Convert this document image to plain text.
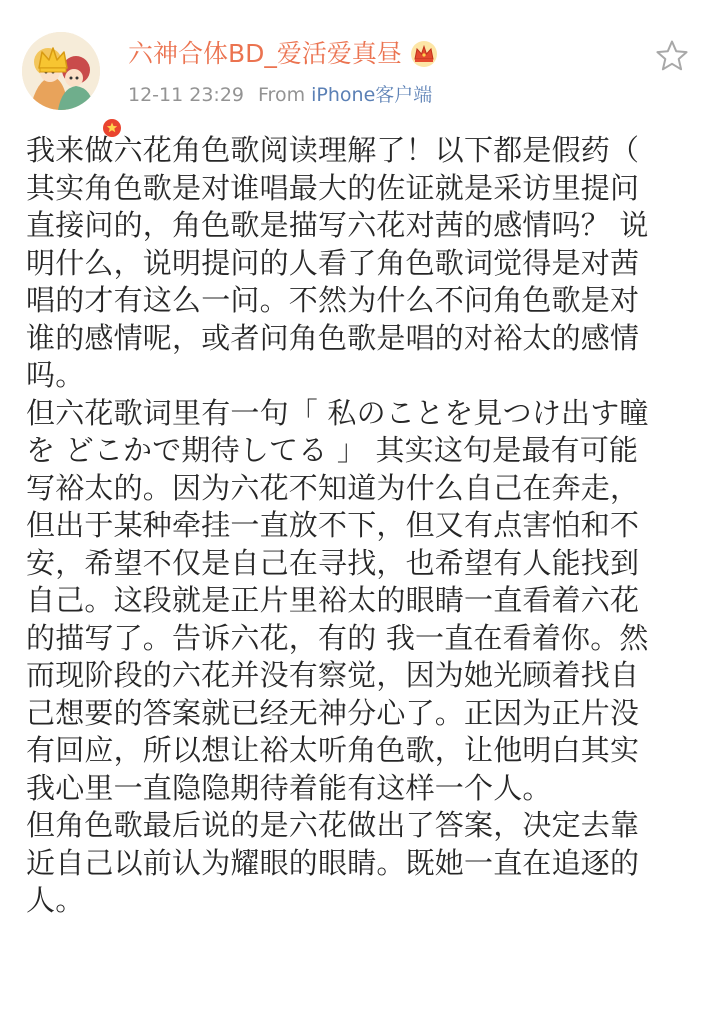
六神合体BD_爱活爱真昼
12-11 23:29 From iPhone客户端

我来做六花角色歌阅读理解了！以下都是假药（
其实角色歌是对谁唱最大的佐证就是采访里提问
直接问的，角色歌是描写六花对茜的感情吗？ 说
明什么，说明提问的人看了角色歌词觉得是对茜
唱的才有这么一问。不然为什么不问角色歌是对
谁的感情呢，或者问角色歌是唱的对裕太的感情
吗。

但六花歌词里有一句「 私のことを見つけ出す瞳
を どこかで期待してる 」 其实这句是最有可能
写裕太的。因为六花不知道为什么自己在奔走，
但出于某种牵挂一直放不下，但又有点害怕和不
安，希望不仅是自己在寻找，也希望有人能找到
自己。这段就是正片里裕太的眼睛一直看着六花
的描写了。告诉六花，有的 我一直在看着你。然
而现阶段的六花并没有察觉，因为她光顾着找自
己想要的答案就已经无神分心了。正因为正片没
有回应，所以想让裕太听角色歌，让他明白其实
我心里一直隐隐期待着能有这样一个人。

但角色歌最后说的是六花做出了答案，决定去靠
近自己以前认为耀眼的眼睛。既她一直在追逐的
人。
